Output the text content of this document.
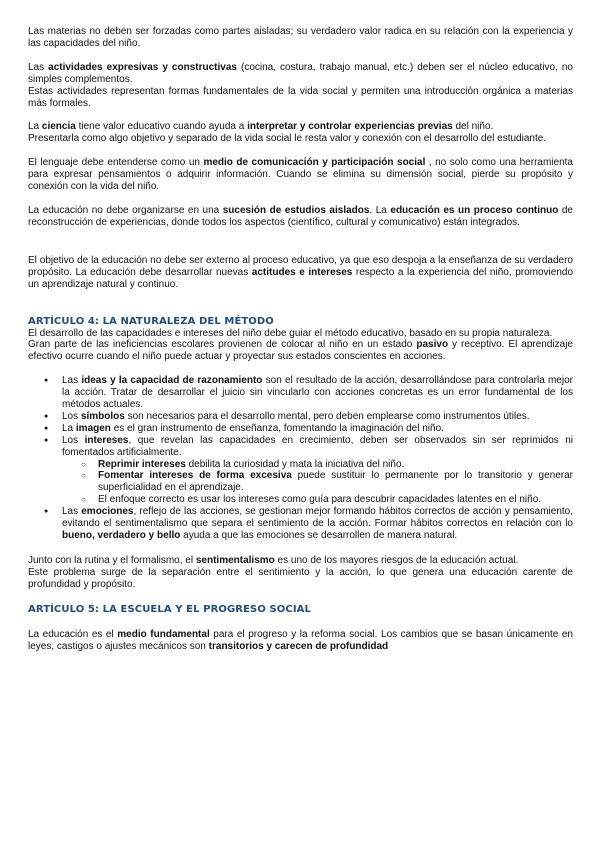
Las materias no deben ser forzadas como partes aisladas; su verdadero valor radica en su relación con la experiencia y las capacidades del niño.

Las actividades expresivas y constructivas (cocina, costura, trabajo manual, etc.) deben ser el núcleo educativo, no simples complementos.

Estas actividades representan formas fundamentales de la vida social y permiten una introducción orgánica a materias más formales.

La ciencia tiene valor educativo cuando ayuda a interpretar y controlar experiencias previas del niño.

Presentarla como algo objetivo y separado de la vida social le resta valor y conexión con el desarrollo del estudiante.

El lenguaje debe entenderse como un medio de comunicación y participación social , no solo como una herramienta para expresar pensamientos o adquirir información. Cuando se elimina su dimensión social, pierde su propósito y conexión con la vida del niño.

La educación no debe organizarse en una sucesión de estudios aislados. La educación es un proceso continuo de reconstrucción de experiencias, donde todos los aspectos (científico, cultural y comunicativo) están integrados.

El objetivo de la educación no debe ser externo al proceso educativo, ya que eso despoja a la enseñanza de su verdadero propósito. La educación debe desarrollar nuevas actitudes e intereses respecto a la experiencia del niño, promoviendo un aprendizaje natural y continuo.

ARTÍCULO 4: LA NATURALEZA DEL MÉTODO

El desarrollo de las capacidades e intereses del niño debe guiar el método educativo, basado en su propia naturaleza.

Gran parte de las ineficiencias escolares provienen de colocar al niño en un estado pasivo y receptivo. El aprendizaje efectivo ocurre cuando el niño puede actuar y proyectar sus estados conscientes en acciones.

● Las ideas y la capacidad de razonamiento son el resultado de la acción, desarrollándose para controlarla mejor la acción. Tratar de desarrollar el juicio sin vincularlo con acciones concretas es un error fundamental de los métodos actuales.
● Los símbolos son necesarios para el desarrollo mental, pero deben emplearse como instrumentos útiles.
● La imagen es el gran instrumento de enseñanza, fomentando la imaginación del niño.
● Los intereses, que revelan las capacidades en crecimiento, deben ser observados sin ser reprimidos ni fomentados artificialmente.
○ Reprimir intereses debilita la curiosidad y mata la iniciativa del niño.
○ Fomentar intereses de forma excesiva puede sustituir lo permanente por lo transitorio y generar superficialidad en el aprendizaje.
○ El enfoque correcto es usar los intereses como guía para descubrir capacidades latentes en el niño.
● Las emociones, reflejo de las acciones, se gestionan mejor formando hábitos correctos de acción y pensamiento, evitando el sentimentalismo que separa el sentimiento de la acción. Formar hábitos correctos en relación con lo bueno, verdadero y bello ayuda a que las emociones se desarrollen de manera natural.

Junto con la rutina y el formalismo, el sentimentalismo es uno de los mayores riesgos de la educación actual.

Este problema surge de la separación entre el sentimiento y la acción, lo que genera una educación carente de profundidad y propósito.

ARTÍCULO 5: LA ESCUELA Y EL PROGRESO SOCIAL

La educación es el medio fundamental para el progreso y la reforma social. Los cambios que se basan únicamente en leyes, castigos o ajustes mecánicos son transitorios y carecen de profundidad
